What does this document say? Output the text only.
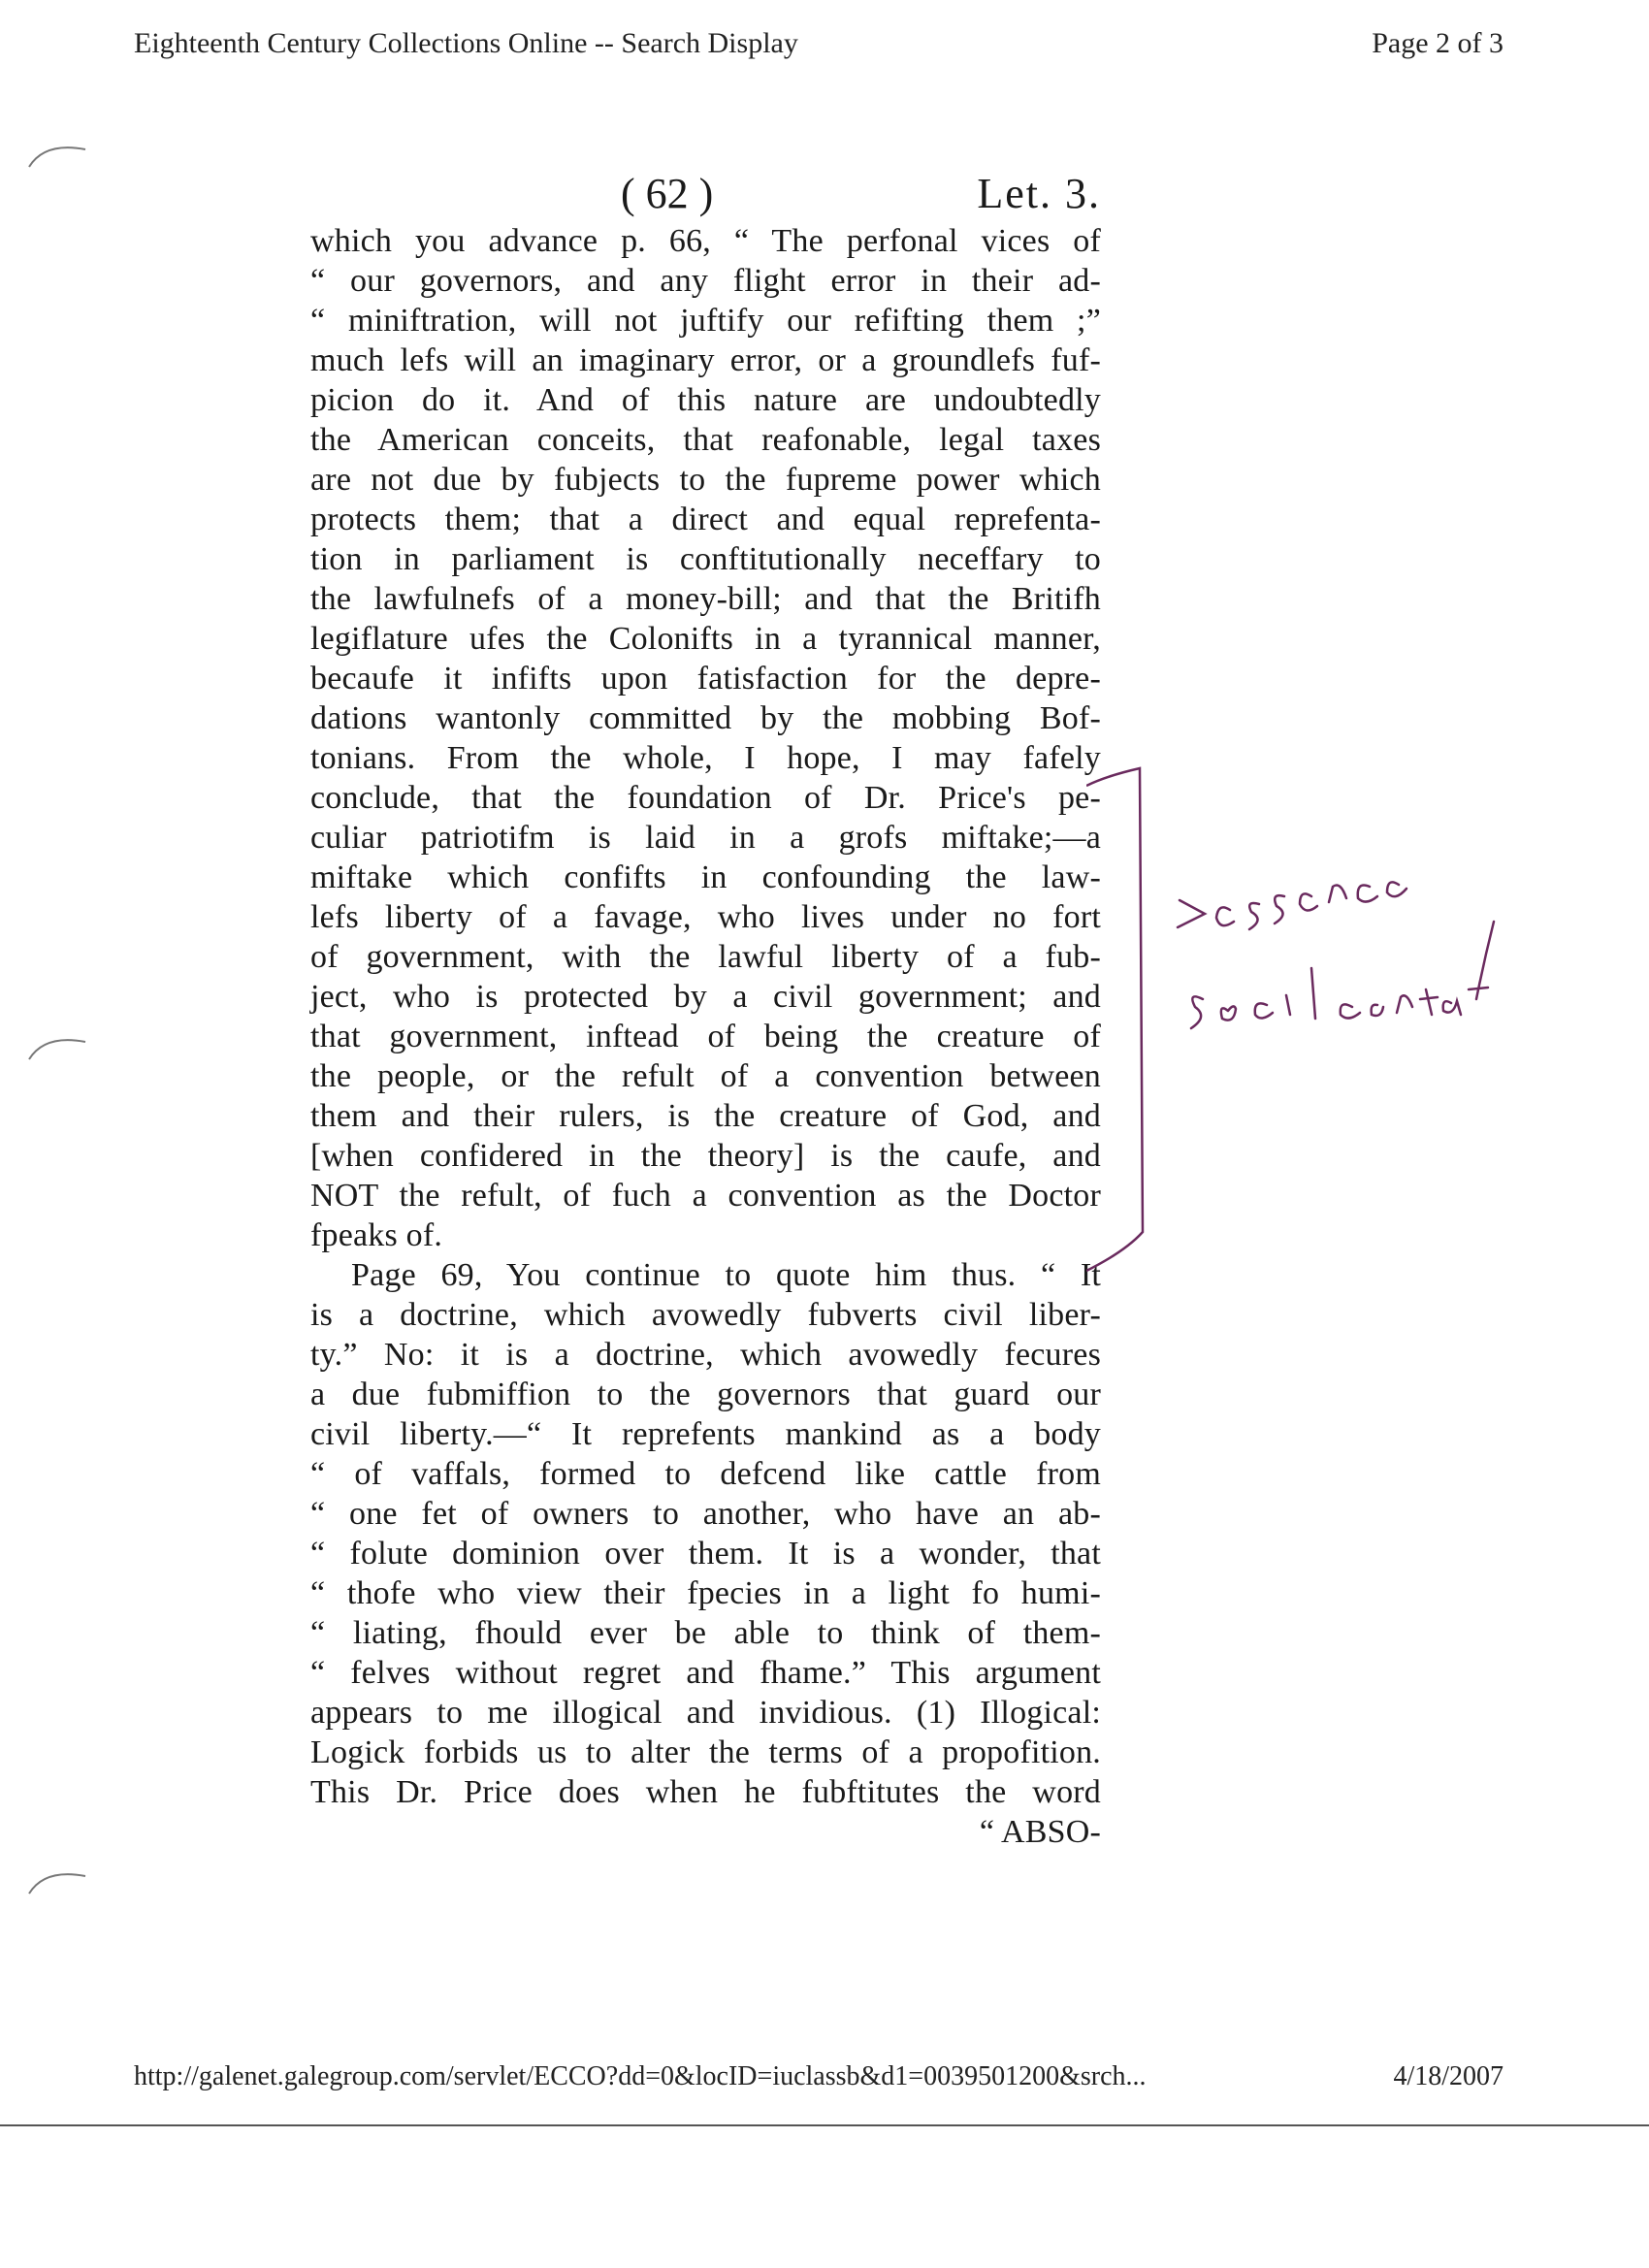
Eighteenth Century Collections Online -- Search Display	Page 2 of 3
( 62 )	Let. 3.
which you advance p. 66, “ The perfonal vices of
“ our governors, and any flight error in their ad-
“ miniftration, will not juftify our refifting them ;”
much lefs will an imaginary error, or a groundlefs fuf-
picion do it. And of this nature are undoubtedly
the American conceits, that reafonable, legal taxes
are not due by fubjects to the fupreme power which
protects them; that a direct and equal reprefenta-
tion in parliament is conftitutionally neceffary to
the lawfulnefs of a money-bill; and that the Britifh
legiflature ufes the Colonifts in a tyrannical manner,
becaufe it infifts upon fatisfaction for the depre-
dations wantonly committed by the mobbing Bof-
tonians. From the whole, I hope, I may fafely
conclude, that the foundation of Dr. Price's pe-
culiar patriotifm is laid in a grofs miftake;—a
miftake which confifts in confounding the law-
lefs liberty of a favage, who lives under no fort
of government, with the lawful liberty of a fub-
ject, who is protected by a civil government; and
that government, inftead of being the creature of
the people, or the refult of a convention between
them and their rulers, is the creature of God, and
[when confidered in the theory] is the caufe, and
NOT the refult, of fuch a convention as the Doctor
fpeaks of.
Page 69, You continue to quote him thus. “ It
is a doctrine, which avowedly fubverts civil liber-
ty.” No: it is a doctrine, which avowedly fecures
a due fubmiffion to the governors that guard our
civil liberty.—“ It reprefents mankind as a body
“ of vaffals, formed to defcend like cattle from
“ one fet of owners to another, who have an ab-
“ folute dominion over them. It is a wonder, that
“ thofe who view their fpecies in a light fo humi-
“ liating, fhould ever be able to think of them-
“ felves without regret and fhame.” This argument
appears to me illogical and invidious. (1) Illogical:
Logick forbids us to alter the terms of a propofition.
This Dr. Price does when he fubftitutes the word
“ ABSO-
http://galenet.galegroup.com/servlet/ECCO?dd=0&locID=iuclassb&d1=0039501200&srch...	4/18/2007
